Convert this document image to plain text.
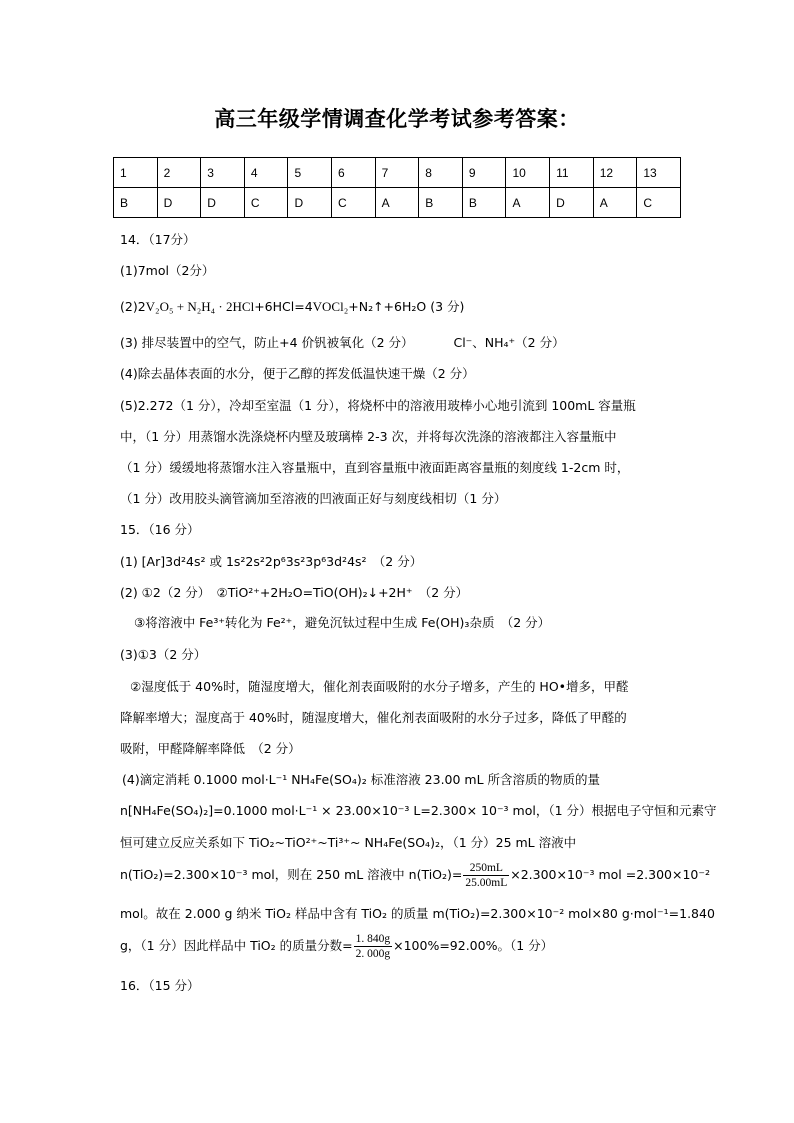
高三年级学情调查化学考试参考答案：
1	2	3	4	5	6	7	8	9	10	11	12	13
B	D	D	C	D	C	A	B	B	A	D	A	C
14．（17分）
(1)7mol（2分）
(2)2V₂O₅ + N₂H₄ · 2HCl+6HCl=4VOCl₂+N₂↑+6H₂O (3 分)
(3) 排尽装置中的空气，防止+4 价钒被氧化（2 分）	Cl⁻、NH₄⁺（2 分）
(4)除去晶体表面的水分，便于乙醇的挥发低温快速干燥（2 分）
(5)2.272（1 分），冷却至室温（1 分），将烧杯中的溶液用玻棒小心地引流到 100mL 容量瓶
中，（1 分）用蒸馏水洗涤烧杯内壁及玻璃棒 2-3 次，并将每次洗涤的溶液都注入容量瓶中
（1 分）缓缓地将蒸馏水注入容量瓶中，直到容量瓶中液面距离容量瓶的刻度线 1-2cm 时，
（1 分）改用胶头滴管滴加至溶液的凹液面正好与刻度线相切（1 分）
15．（16 分）
(1) [Ar]3d²4s² 或 1s²2s²2p⁶3s²3p⁶3d²4s²　（2 分）
(2) ①2（2 分）　②TiO²⁺+2H₂O=TiO(OH)₂↓+2H⁺　（2 分）
③将溶液中 Fe³⁺转化为 Fe²⁺，避免沉钛过程中生成 Fe(OH)₃杂质　（2 分）
(3)①3（2 分）
②湿度低于 40%时，随湿度增大，催化剂表面吸附的水分子增多，产生的 HO•增多，甲醛
降解率增大；湿度高于 40%时，随湿度增大，催化剂表面吸附的水分子过多，降低了甲醛的
吸附，甲醛降解率降低　（2 分）
(4)滴定消耗 0.1000 mol·L⁻¹ NH₄Fe(SO₄)₂ 标准溶液 23.00 mL 所含溶质的物质的量
n[NH₄Fe(SO₄)₂]=0.1000 mol·L⁻¹ × 23.00×10⁻³ L=2.300× 10⁻³ mol，（1 分）根据电子守恒和元素守
恒可建立反应关系如下 TiO₂~TiO²⁺~Ti³⁺~ NH₄Fe(SO₄)₂，（1 分）25 mL 溶液中
n(TiO₂)=2.300×10⁻³ mol，则在 250 mL 溶液中 $n(TiO_2)= \frac{250mL}{25.00mL} \times 2.300\times 10^{-3}$ mol =2.300×10⁻²
mol。故在 2.000 g 纳米 TiO₂ 样品中含有 TiO₂ 的质量 m(TiO₂)=2.300×10⁻² mol×80 g·mol⁻¹=1.840
g，（1 分）因此样品中 TiO₂ 的质量分数= $\frac{1. 840g}{2. 000g} \times 100\%=92.00\%$。（1 分）
16．（15 分）
